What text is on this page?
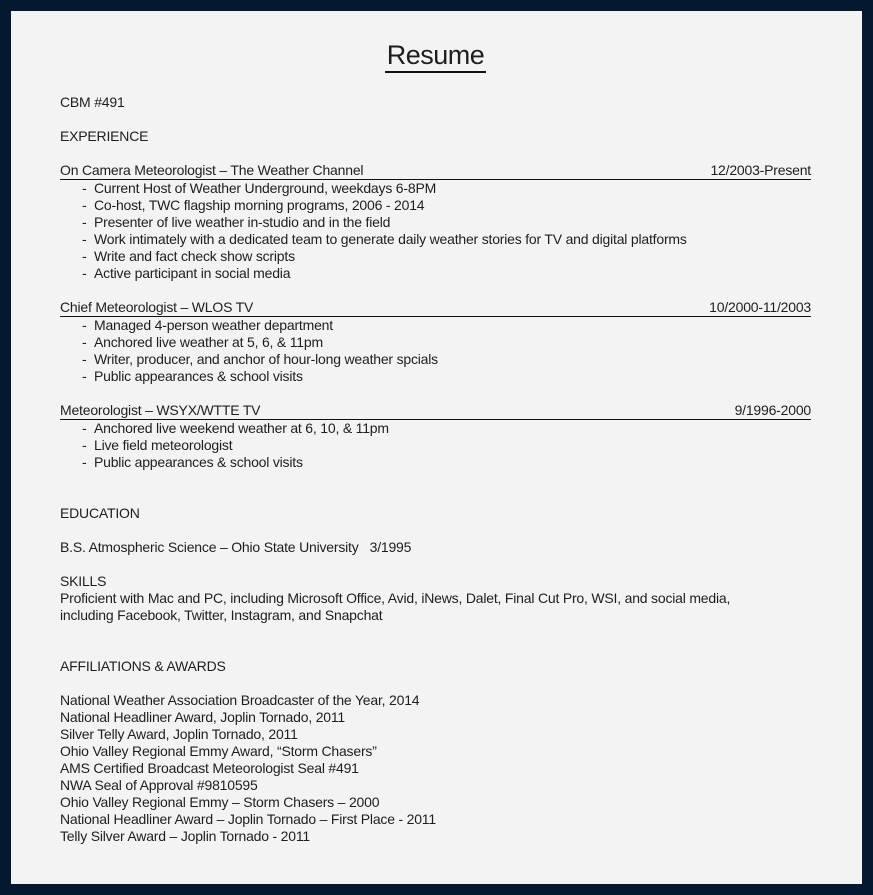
Resume
CBM #491
EXPERIENCE
On Camera Meteorologist – The Weather Channel	12/2003-Present
- Current Host of Weather Underground, weekdays 6-8PM
- Co-host, TWC flagship morning programs, 2006 - 2014
- Presenter of live weather in-studio and in the field
- Work intimately with a dedicated team to generate daily weather stories for TV and digital platforms
- Write and fact check show scripts
- Active participant in social media
Chief Meteorologist – WLOS TV	10/2000-11/2003
- Managed 4-person weather department
- Anchored live weather at 5, 6, & 11pm
- Writer, producer, and anchor of hour-long weather spcials
- Public appearances & school visits
Meteorologist – WSYX/WTTE TV	9/1996-2000
- Anchored live weekend weather at 6, 10, & 11pm
- Live field meteorologist
- Public appearances & school visits
EDUCATION
B.S. Atmospheric Science – Ohio State University   3/1995
SKILLS
Proficient with Mac and PC, including Microsoft Office, Avid, iNews, Dalet, Final Cut Pro, WSI, and social media,
including Facebook, Twitter, Instagram, and Snapchat
AFFILIATIONS & AWARDS
National Weather Association Broadcaster of the Year, 2014
National Headliner Award, Joplin Tornado, 2011
Silver Telly Award, Joplin Tornado, 2011
Ohio Valley Regional Emmy Award, “Storm Chasers”
AMS Certified Broadcast Meteorologist Seal #491
NWA Seal of Approval #9810595
Ohio Valley Regional Emmy – Storm Chasers – 2000
National Headliner Award – Joplin Tornado – First Place - 2011
Telly Silver Award – Joplin Tornado - 2011
